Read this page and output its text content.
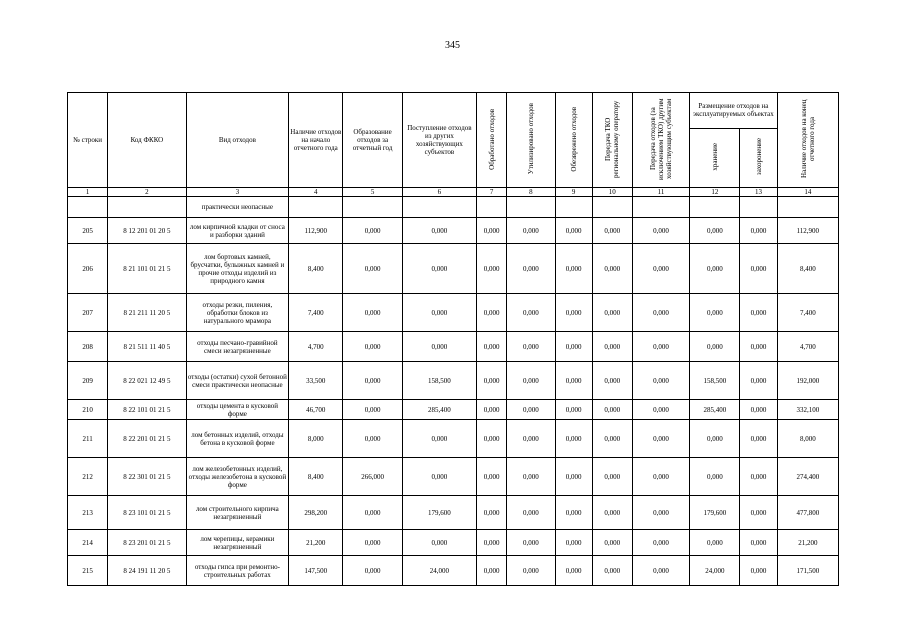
345
№ строки	Код ФККО	Вид отходов	Наличие отходов на начало отчетного года	Образование отходов за отчетный год	Поступление отходов из других хозяйствующих субъектов	Обработано отходов	Утилизировано отходов	Обезврежено отходов	Передача ТКО региональному оператору	Передача отходов (за исключением ТКО) другим хозяйствующим субъектам	Размещение отходов на эксплуатируемых объектах		Наличие отходов на конец отчетного года
											хранение	захоронение	
1	2	3	4	5	6	7	8	9	10	11	12	13	14
		практически неопасные											
205	8 12 201 01 20 5	лом кирпичной кладки от сноса и разборки зданий	112,900	0,000	0,000	0,000	0,000	0,000	0,000	0,000	0,000	0,000	112,900
206	8 21 101 01 21 5	лом бортовых камней, брусчатки, булыжных камней и прочие отходы изделий из природного камня	8,400	0,000	0,000	0,000	0,000	0,000	0,000	0,000	0,000	0,000	8,400
207	8 21 211 11 20 5	отходы резки, пиления, обработки блоков из натурального мрамора	7,400	0,000	0,000	0,000	0,000	0,000	0,000	0,000	0,000	0,000	7,400
208	8 21 511 11 40 5	отходы песчано-гравийной смеси незагрязненные	4,700	0,000	0,000	0,000	0,000	0,000	0,000	0,000	0,000	0,000	4,700
209	8 22 021 12 49 5	отходы (остатки) сухой бетонной смеси практически неопасные	33,500	0,000	158,500	0,000	0,000	0,000	0,000	0,000	158,500	0,000	192,000
210	8 22 101 01 21 5	отходы цемента в кусковой форме	46,700	0,000	285,400	0,000	0,000	0,000	0,000	0,000	285,400	0,000	332,100
211	8 22 201 01 21 5	лом бетонных изделий, отходы бетона в кусковой форме	8,000	0,000	0,000	0,000	0,000	0,000	0,000	0,000	0,000	0,000	8,000
212	8 22 301 01 21 5	лом железобетонных изделий, отходы железобетона в кусковой форме	8,400	266,000	0,000	0,000	0,000	0,000	0,000	0,000	0,000	0,000	274,400
213	8 23 101 01 21 5	лом строительного кирпича незагрязненный	298,200	0,000	179,600	0,000	0,000	0,000	0,000	0,000	179,600	0,000	477,800
214	8 23 201 01 21 5	лом черепицы, керамики незагрязненный	21,200	0,000	0,000	0,000	0,000	0,000	0,000	0,000	0,000	0,000	21,200
215	8 24 191 11 20 5	отходы гипса при ремонтно-строительных работах	147,500	0,000	24,000	0,000	0,000	0,000	0,000	0,000	24,000	0,000	171,500
